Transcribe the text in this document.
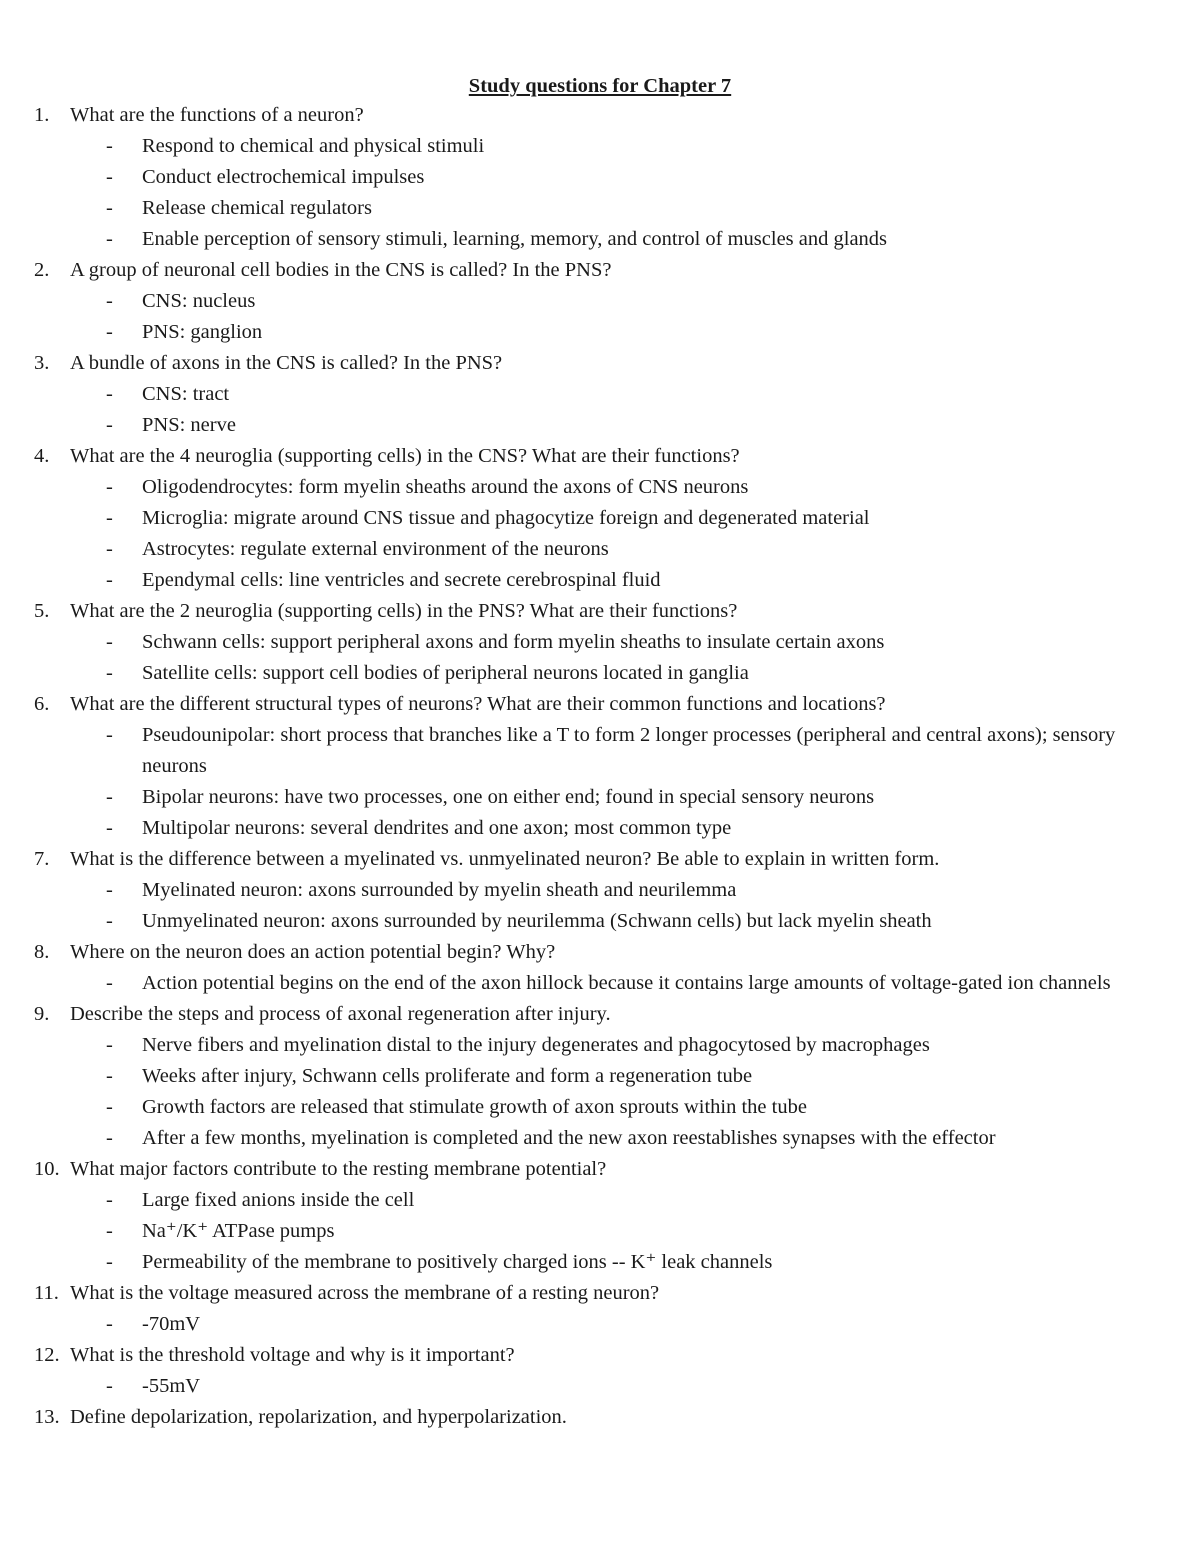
Study questions for Chapter 7
1.	What are the functions of a neuron?
-	Respond to chemical and physical stimuli
-	Conduct electrochemical impulses
-	Release chemical regulators
-	Enable perception of sensory stimuli, learning, memory, and control of muscles and glands
2.	A group of neuronal cell bodies in the CNS is called? In the PNS?
-	CNS: nucleus
-	PNS: ganglion
3.	A bundle of axons in the CNS is called? In the PNS?
-	CNS: tract
-	PNS: nerve
4.	What are the 4 neuroglia (supporting cells) in the CNS? What are their functions?
-	Oligodendrocytes: form myelin sheaths around the axons of CNS neurons
-	Microglia: migrate around CNS tissue and phagocytize foreign and degenerated material
-	Astrocytes: regulate external environment of the neurons
-	Ependymal cells: line ventricles and secrete cerebrospinal fluid
5.	What are the 2 neuroglia (supporting cells) in the PNS? What are their functions?
-	Schwann cells: support peripheral axons and form myelin sheaths to insulate certain axons
-	Satellite cells: support cell bodies of peripheral neurons located in ganglia
6.	What are the different structural types of neurons? What are their common functions and locations?
-	Pseudounipolar: short process that branches like a T to form 2 longer processes (peripheral and central axons); sensory neurons
-	Bipolar neurons: have two processes, one on either end; found in special sensory neurons
-	Multipolar neurons: several dendrites and one axon; most common type
7.	What is the difference between a myelinated vs. unmyelinated neuron? Be able to explain in written form.
-	Myelinated neuron: axons surrounded by myelin sheath and neurilemma
-	Unmyelinated neuron: axons surrounded by neurilemma (Schwann cells) but lack myelin sheath
8.	Where on the neuron does an action potential begin? Why?
-	Action potential begins on the end of the axon hillock because it contains large amounts of voltage-gated ion channels
9.	Describe the steps and process of axonal regeneration after injury.
-	Nerve fibers and myelination distal to the injury degenerates and phagocytosed by macrophages
-	Weeks after injury, Schwann cells proliferate and form a regeneration tube
-	Growth factors are released that stimulate growth of axon sprouts within the tube
-	After a few months, myelination is completed and the new axon reestablishes synapses with the effector
10. What major factors contribute to the resting membrane potential?
-	Large fixed anions inside the cell
-	Na⁺/K⁺ ATPase pumps
-	Permeability of the membrane to positively charged ions -- K⁺ leak channels
11. What is the voltage measured across the membrane of a resting neuron?
-	-70mV
12. What is the threshold voltage and why is it important?
-	-55mV
13. Define depolarization, repolarization, and hyperpolarization.
